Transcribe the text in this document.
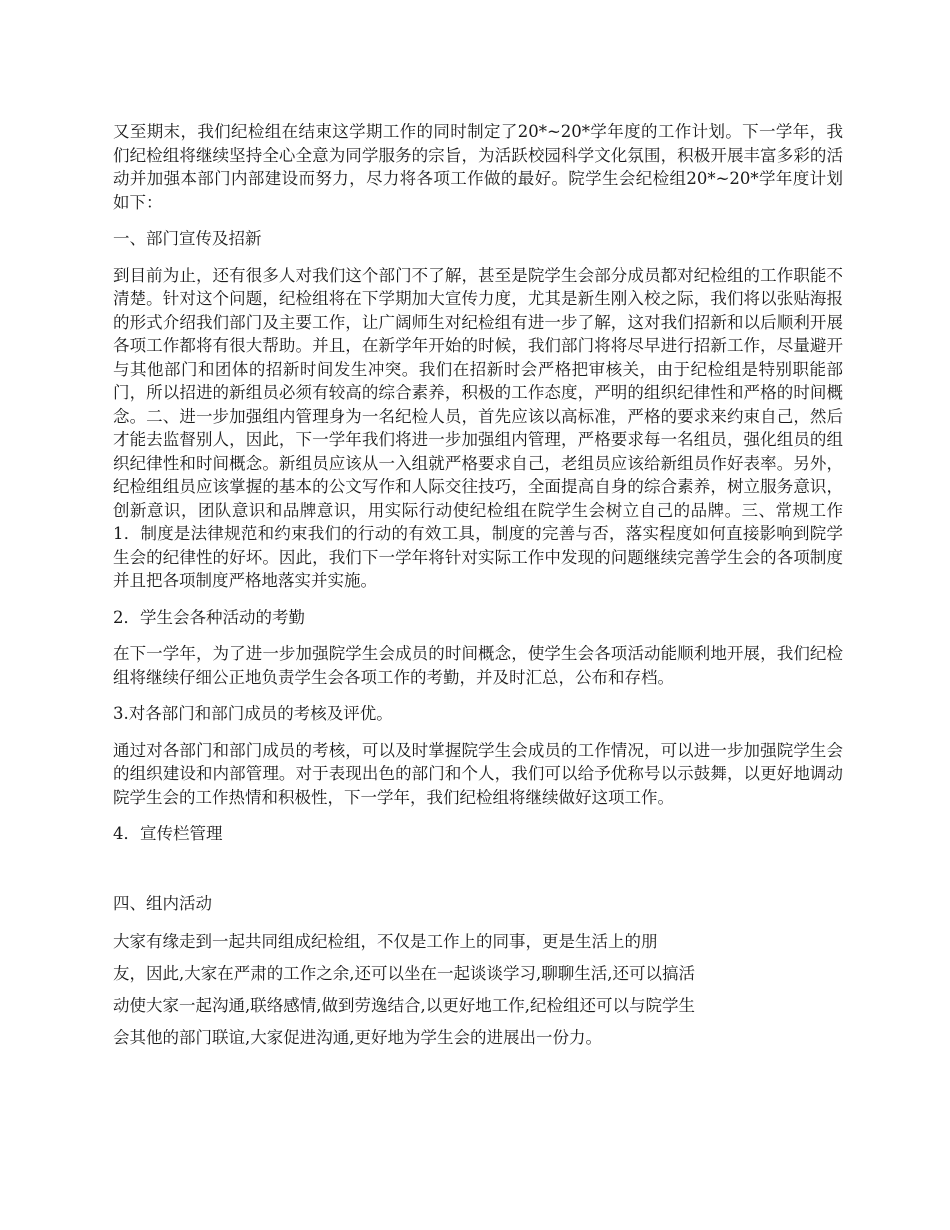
又至期末，我们纪检组在结束这学期工作的同时制定了20*~20*学年度的工作计划。下一学年，我们纪检组将继续坚持全心全意为同学服务的宗旨，为活跃校园科学文化氛围，积极开展丰富多彩的活动并加强本部门内部建设而努力，尽力将各项工作做的最好。院学生会纪检组20*~20*学年度计划如下：

一、部门宣传及招新

到目前为止，还有很多人对我们这个部门不了解，甚至是院学生会部分成员都对纪检组的工作职能不清楚。针对这个问题，纪检组将在下学期加大宣传力度，尤其是新生刚入校之际，我们将以张贴海报的形式介绍我们部门及主要工作，让广阔师生对纪检组有进一步了解，这对我们招新和以后顺利开展各项工作都将有很大帮助。并且，在新学年开始的时候，我们部门将将尽早进行招新工作，尽量避开与其他部门和团体的招新时间发生冲突。我们在招新时会严格把审核关，由于纪检组是特别职能部门，所以招进的新组员必须有较高的综合素养，积极的工作态度，严明的组织纪律性和严格的时间概念。二、进一步加强组内管理身为一名纪检人员，首先应该以高标准，严格的要求来约束自己，然后才能去监督别人，因此，下一学年我们将进一步加强组内管理，严格要求每一名组员，强化组员的组织纪律性和时间概念。新组员应该从一入组就严格要求自己，老组员应该给新组员作好表率。另外，纪检组组员应该掌握的基本的公文写作和人际交往技巧，全面提高自身的综合素养，树立服务意识，创新意识，团队意识和品牌意识，用实际行动使纪检组在院学生会树立自己的品牌。三、常规工作1．制度是法律规范和约束我们的行动的有效工具，制度的完善与否，落实程度如何直接影响到院学生会的纪律性的好坏。因此，我们下一学年将针对实际工作中发现的问题继续完善学生会的各项制度并且把各项制度严格地落实并实施。

2．学生会各种活动的考勤

在下一学年，为了进一步加强院学生会成员的时间概念，使学生会各项活动能顺利地开展，我们纪检组将继续仔细公正地负责学生会各项工作的考勤，并及时汇总，公布和存档。

3.对各部门和部门成员的考核及评优。

通过对各部门和部门成员的考核，可以及时掌握院学生会成员的工作情况，可以进一步加强院学生会的组织建设和内部管理。对于表现出色的部门和个人，我们可以给予优称号以示鼓舞，以更好地调动院学生会的工作热情和积极性，下一学年，我们纪检组将继续做好这项工作。

4．宣传栏管理

四、组内活动

大家有缘走到一起共同组成纪检组，不仅是工作上的同事，更是生活上的朋

友，因此,大家在严肃的工作之余,还可以坐在一起谈谈学习,聊聊生活,还可以搞活

动使大家一起沟通,联络感情,做到劳逸结合,以更好地工作,纪检组还可以与院学生

会其他的部门联谊,大家促进沟通,更好地为学生会的进展出一份力。
